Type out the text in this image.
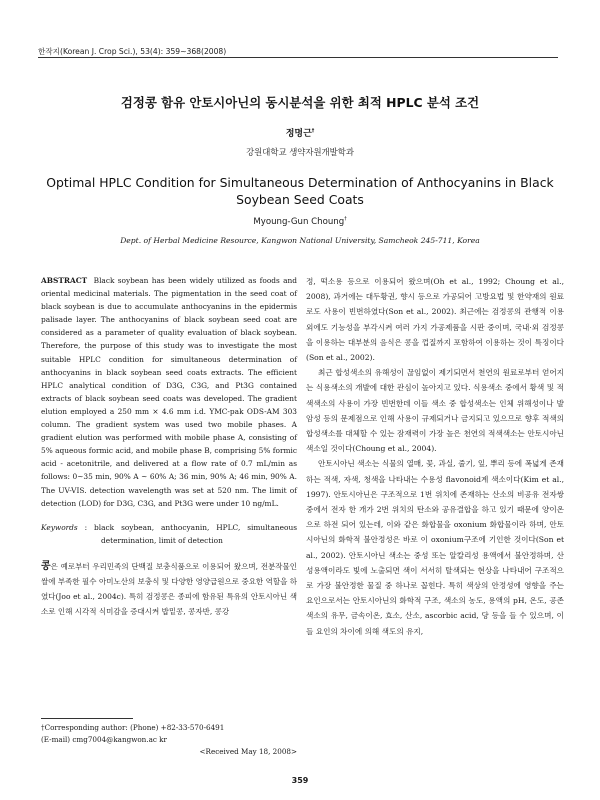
한작지(Korean J. Crop Sci.), 53(4): 359~368(2008)
검정콩 함유 안토시아닌의 동시분석을 위한 최적 HPLC 분석 조건
정명근†
강원대학교 생약자원개발학과
Optimal HPLC Condition for Simultaneous Determination of Anthocyanins in Black Soybean Seed Coats
Myoung-Gun Choung†
Dept. of Herbal Medicine Resource, Kangwon National University, Samcheok 245-711, Korea

ABSTRACT Black soybean has been widely utilized as foods and oriental medicinal materials. The pigmentation in the seed coat of black soybean is due to accumulate anthocyanins in the epidermis palisade layer. The anthocyanins of black soybean seed coat are considered as a parameter of quality evaluation of black soybean. Therefore, the purpose of this study was to investigate the most suitable HPLC condition for simultaneous determination of anthocyanins in black soybean seed coats extracts. The efficient HPLC analytical condition of D3G, C3G, and Pt3G contained extracts of black soybean seed coats was developed. The gradient elution employed a 250 mm × 4.6 mm i.d. YMC-pak ODS-AM 303 column. The gradient system was used two mobile phases. A gradient elution was performed with mobile phase A, consisting of 5% aqueous formic acid, and mobile phase B, comprising 5% formic acid - acetonitrile, and delivered at a flow rate of 0.7 mL/min as follows: 0~35 min, 90% A ~ 60% A; 36 min, 90% A; 46 min, 90% A. The UV-VIS. detection wavelength was set at 520 nm. The limit of detection (LOD) for D3G, C3G, and Pt3G were under 10 ng/mL.

Keywords : black soybean, anthocyanin, HPLC, simultaneous determination, limit of detection

콩은 예로부터 우리민족의 단백질 보충식품으로 이용되어 왔으며, 전분작물인 쌀에 부족한 필수 아미노산의 보충식 및 다양한 영양급원으로 중요한 역할을 하였다(Joo et al., 2004c). 특히 검정콩은 종피에 함유된 특유의 안토시아닌 색소로 인해 시각적 식미감을 증대시켜 밥밑콩, 콩자반, 콩강

정, 떡소용 등으로 이용되어 왔으며(Oh et al., 1992; Choung et al., 2008), 과거에는 대두황권, 향시 등으로 가공되어 고방요법 및 한약재의 원료로도 사용이 빈번하였다(Son et al., 2002). 최근에는 검정콩의 관행적 이용 외에도 기능성을 부각시켜 여러 가지 가공제품을 시판 중이며, 국내·외 검정콩을 이용하는 대부분의 음식은 콩을 껍질까지 포함하여 이용하는 것이 특징이다(Son et al., 2002).

최근 합성색소의 유해성이 끊임없이 제기되면서 천연의 원료로부터 얻어지는 식용색소의 개발에 대한 관심이 높아지고 있다. 식용색소 중에서 황색 및 적색색소의 사용이 가장 빈번한데 이들 색소 중 합성색소는 인체 위해성이나 발암성 등의 문제점으로 인해 사용이 규제되거나 금지되고 있으므로 향후 적색의 합성색소를 대체할 수 있는 잠재력이 가장 높은 천연의 적색색소는 안토시아닌 색소일 것이다(Choung et al., 2004).

안토시아닌 색소는 식물의 열매, 꽃, 과실, 줄기, 잎, 뿌리 등에 폭넓게 존재하는 적색, 자색, 청색을 나타내는 수용성 flavonoid계 색소이다(Kim et al., 1997). 안토시아닌은 구조적으로 1번 위치에 존재하는 산소의 비공유 전자쌍 중에서 전자 한 개가 2번 위치의 탄소와 공유결합을 하고 있기 때문에 양이온으로 하전 되어 있는데, 이와 같은 화합물을 oxonium 화합물이라 하며, 안토시아닌의 화학적 불안정성은 바로 이 oxonium구조에 기인한 것이다(Son et al., 2002). 안토시아닌 색소는 중성 또는 알칼리성 용액에서 불안정하며, 산성용액이라도 빛에 노출되면 색이 서서히 탈색되는 현상을 나타내어 구조적으로 가장 불안정한 물질 중 하나로 꼽힌다. 특히 색상의 안정성에 영향을 주는 요인으로서는 안토시아닌의 화학적 구조, 색소의 농도, 용액의 pH, 온도, 공존색소의 유무, 금속이온, 효소, 산소, ascorbic acid, 당 등을 들 수 있으며, 이들 요인의 차이에 의해 색도의 유지,

†Corresponding author: (Phone) +82-33-570-6491
(E-mail) cmg7004@kangwon.ac kr
<Received May 18, 2008>
359
